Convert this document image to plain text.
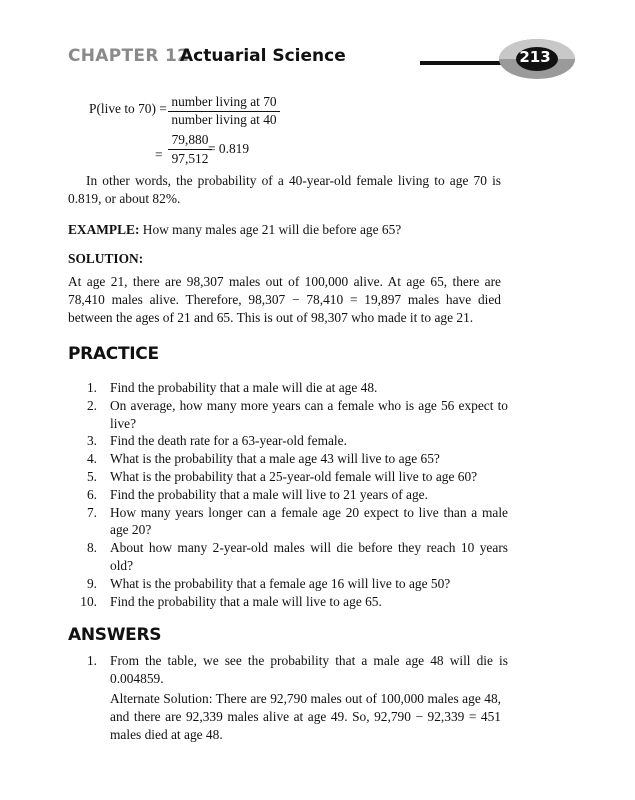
CHAPTER 12
Actuarial Science	213
P(live to 70) = number living at 70
number living at 40
=
79,880
97,512
= 0.819
In other words, the probability of a 40-year-old female living to age 70 is 0.819, or about 82%.
EXAMPLE: How many males age 21 will die before age 65?
SOLUTION:
At age 21, there are 98,307 males out of 100,000 alive. At age 65, there are 78,410 males alive. Therefore, 98,307 − 78,410 = 19,897 males have died between the ages of 21 and 65. This is out of 98,307 who made it to age 21.
PRACTICE
1. Find the probability that a male will die at age 48.
2. On average, how many more years can a female who is age 56 expect to live?
3. Find the death rate for a 63-year-old female.
4. What is the probability that a male age 43 will live to age 65?
5. What is the probability that a 25-year-old female will live to age 60?
6. Find the probability that a male will live to 21 years of age.
7. How many years longer can a female age 20 expect to live than a male age 20?
8. About how many 2-year-old males will die before they reach 10 years old?
9. What is the probability that a female age 16 will live to age 50?
10. Find the probability that a male will live to age 65.
ANSWERS
1. From the table, we see the probability that a male age 48 will die is 0.004859.
Alternate Solution: There are 92,790 males out of 100,000 males age 48, and there are 92,339 males alive at age 49. So, 92,790 − 92,339 = 451 males died at age 48.
